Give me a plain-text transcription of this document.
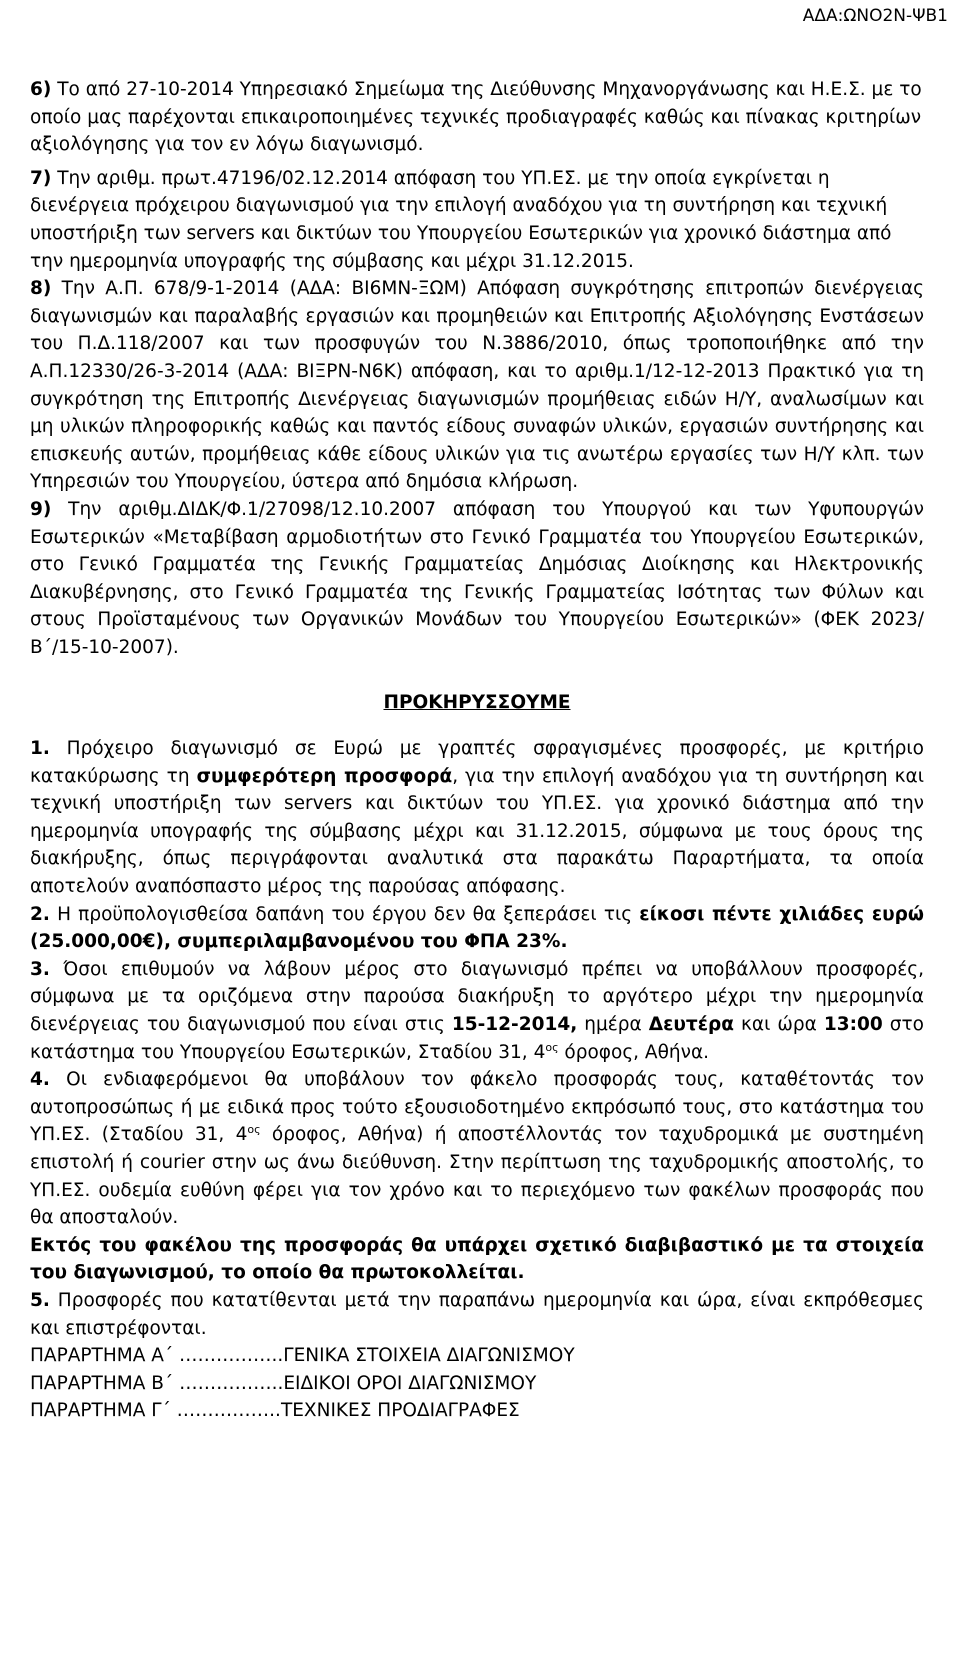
ΑΔΑ:ΩΝΟ2Ν-ΨΒ1

6) Το από 27-10-2014 Υπηρεσιακό Σημείωμα της Διεύθυνσης Μηχανοργάνωσης και Η.Ε.Σ. με το οποίο μας παρέχονται επικαιροποιημένες τεχνικές προδιαγραφές καθώς και πίνακας κριτηρίων αξιολόγησης για τον εν λόγω διαγωνισμό.

7) Την αριθμ. πρωτ.47196/02.12.2014 απόφαση του ΥΠ.ΕΣ. με την οποία εγκρίνεται η διενέργεια πρόχειρου διαγωνισμού για την επιλογή αναδόχου για τη συντήρηση και τεχνική υποστήριξη των servers και δικτύων του Υπουργείου Εσωτερικών για χρονικό διάστημα από την ημερομηνία υπογραφής της σύμβασης και μέχρι 31.12.2015.

8) Την Α.Π. 678/9-1-2014 (ΑΔΑ: ΒΙ6ΜΝ-ΞΩΜ) Απόφαση συγκρότησης επιτροπών διενέργειας διαγωνισμών και παραλαβής εργασιών και προμηθειών και Επιτροπής Αξιολόγησης Ενστάσεων του Π.Δ.118/2007 και των προσφυγών του Ν.3886/2010, όπως τροποποιήθηκε από την Α.Π.12330/26-3-2014 (ΑΔΑ: ΒΙΞΡΝ-Ν6Κ) απόφαση, και το αριθμ.1/12-12-2013 Πρακτικό για τη συγκρότηση της Επιτροπής Διενέργειας διαγωνισμών προμήθειας ειδών Η/Υ, αναλωσίμων και μη υλικών πληροφορικής καθώς και παντός είδους συναφών υλικών, εργασιών συντήρησης και επισκευής αυτών, προμήθειας κάθε είδους υλικών για τις ανωτέρω εργασίες των Η/Υ κλπ. των Υπηρεσιών του Υπουργείου, ύστερα από δημόσια κλήρωση.

9) Την αριθμ.ΔΙΔΚ/Φ.1/27098/12.10.2007 απόφαση του Υπουργού και των Υφυπουργών Εσωτερικών «Μεταβίβαση αρμοδιοτήτων στο Γενικό Γραμματέα του Υπουργείου Εσωτερικών, στο Γενικό Γραμματέα της Γενικής Γραμματείας Δημόσιας Διοίκησης και Ηλεκτρονικής Διακυβέρνησης, στο Γενικό Γραμματέα της Γενικής Γραμματείας Ισότητας των Φύλων και στους Προϊσταμένους των Οργανικών Μονάδων του Υπουργείου Εσωτερικών» (ΦΕΚ 2023/Β΄/15-10-2007).

ΠΡΟΚΗΡΥΣΣΟΥΜΕ

1. Πρόχειρο διαγωνισμό σε Ευρώ με γραπτές σφραγισμένες προσφορές, με κριτήριο κατακύρωσης τη συμφερότερη προσφορά, για την επιλογή αναδόχου για τη συντήρηση και τεχνική υποστήριξη των servers και δικτύων του ΥΠ.ΕΣ. για χρονικό διάστημα από την ημερομηνία υπογραφής της σύμβασης μέχρι και 31.12.2015, σύμφωνα με τους όρους της διακήρυξης, όπως περιγράφονται αναλυτικά στα παρακάτω Παραρτήματα, τα οποία αποτελούν αναπόσπαστο μέρος της παρούσας απόφασης.

2. Η προϋπολογισθείσα δαπάνη του έργου δεν θα ξεπεράσει τις είκοσι πέντε χιλιάδες ευρώ (25.000,00€), συμπεριλαμβανομένου του ΦΠΑ 23%.

3. Όσοι επιθυμούν να λάβουν μέρος στο διαγωνισμό πρέπει να υποβάλλουν προσφορές, σύμφωνα με τα οριζόμενα στην παρούσα διακήρυξη το αργότερο μέχρι την ημερομηνία διενέργειας του διαγωνισμού που είναι στις 15-12-2014, ημέρα Δευτέρα και ώρα 13:00 στο κατάστημα του Υπουργείου Εσωτερικών, Σταδίου 31, $4^{o\varsigma}$ όροφος, Αθήνα.

4. Οι ενδιαφερόμενοι θα υποβάλουν τον φάκελο προσφοράς τους, καταθέτοντάς τον αυτοπροσώπως ή με ειδικά προς τούτο εξουσιοδοτημένο εκπρόσωπό τους, στο κατάστημα του ΥΠ.ΕΣ. (Σταδίου 31, $4^{o\varsigma}$ όροφος, Αθήνα) ή αποστέλλοντάς τον ταχυδρομικά με συστημένη επιστολή ή courier στην ως άνω διεύθυνση. Στην περίπτωση της ταχυδρομικής αποστολής, το ΥΠ.ΕΣ. ουδεμία ευθύνη φέρει για τον χρόνο και το περιεχόμενο των φακέλων προσφοράς που θα αποσταλούν.

Εκτός του φακέλου της προσφοράς θα υπάρχει σχετικό διαβιβαστικό με τα στοιχεία του διαγωνισμού, το οποίο θα πρωτοκολλείται.

5. Προσφορές που κατατίθενται μετά την παραπάνω ημερομηνία και ώρα, είναι εκπρόθεσμες και επιστρέφονται.

ΠΑΡΑΡΤΗΜΑ Α΄ ……………..ΓΕΝΙΚΑ ΣΤΟΙΧΕΙΑ ΔΙΑΓΩΝΙΣΜΟΥ

ΠΑΡΑΡΤΗΜΑ Β΄ ……………..ΕΙΔΙΚΟΙ ΟΡΟΙ ΔΙΑΓΩΝΙΣΜΟΥ

ΠΑΡΑΡΤΗΜΑ Γ΄ ……………..ΤΕΧΝΙΚΕΣ ΠΡΟΔΙΑΓΡΑΦΕΣ
